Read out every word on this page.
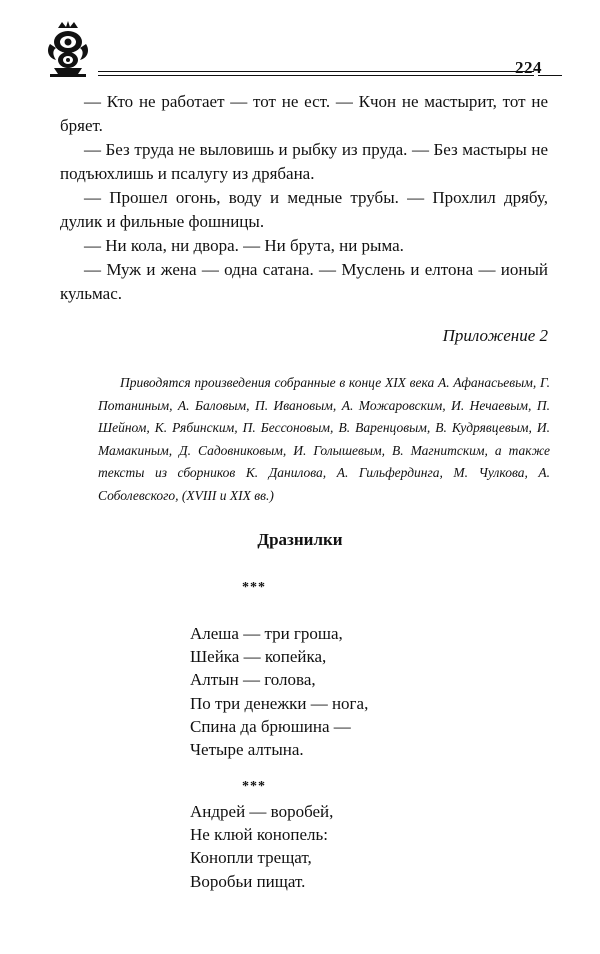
224

— Кто не работает — тот не ест. — Кчон не мастырит, тот не бряет.

— Без труда не выловишь и рыбку из пруда. — Без мастыры не подъюхлишь и псалугу из дрябана.

— Прошел огонь, воду и медные трубы. — Прохлил дрябу, дулик и фильные фошницы.

— Ни кола, ни двора. — Ни брута, ни рыма.

— Муж и жена — одна сатана. — Муслень и елтона — ионый кульмас.

Приложение 2

Приводятся произведения собранные в конце XIX века А. Афанасьевым, Г. Потаниным, А. Баловым, П. Ивановым, А. Можаровским, И. Нечаевым, П. Шейном, К. Рябинским, П. Бессоновым, В. Варенцовым, В. Кудрявцевым, И. Мамакиным, Д. Садовниковым, И. Голышевым, В. Магнитским, а также тексты из сборников К. Данилова, А. Гильфердинга, М. Чулкова, А. Соболевского, (XVIII и XIX вв.)

Дразнилки
***
Алеша — три гроша,
Шейка — копейка,
Алтын — голова,
По три денежки — нога,
Спина да брюшина —
Четыре алтына.
***
Андрей — воробей,
Не клюй конопель:
Конопли трещат,
Воробьи пищат.
